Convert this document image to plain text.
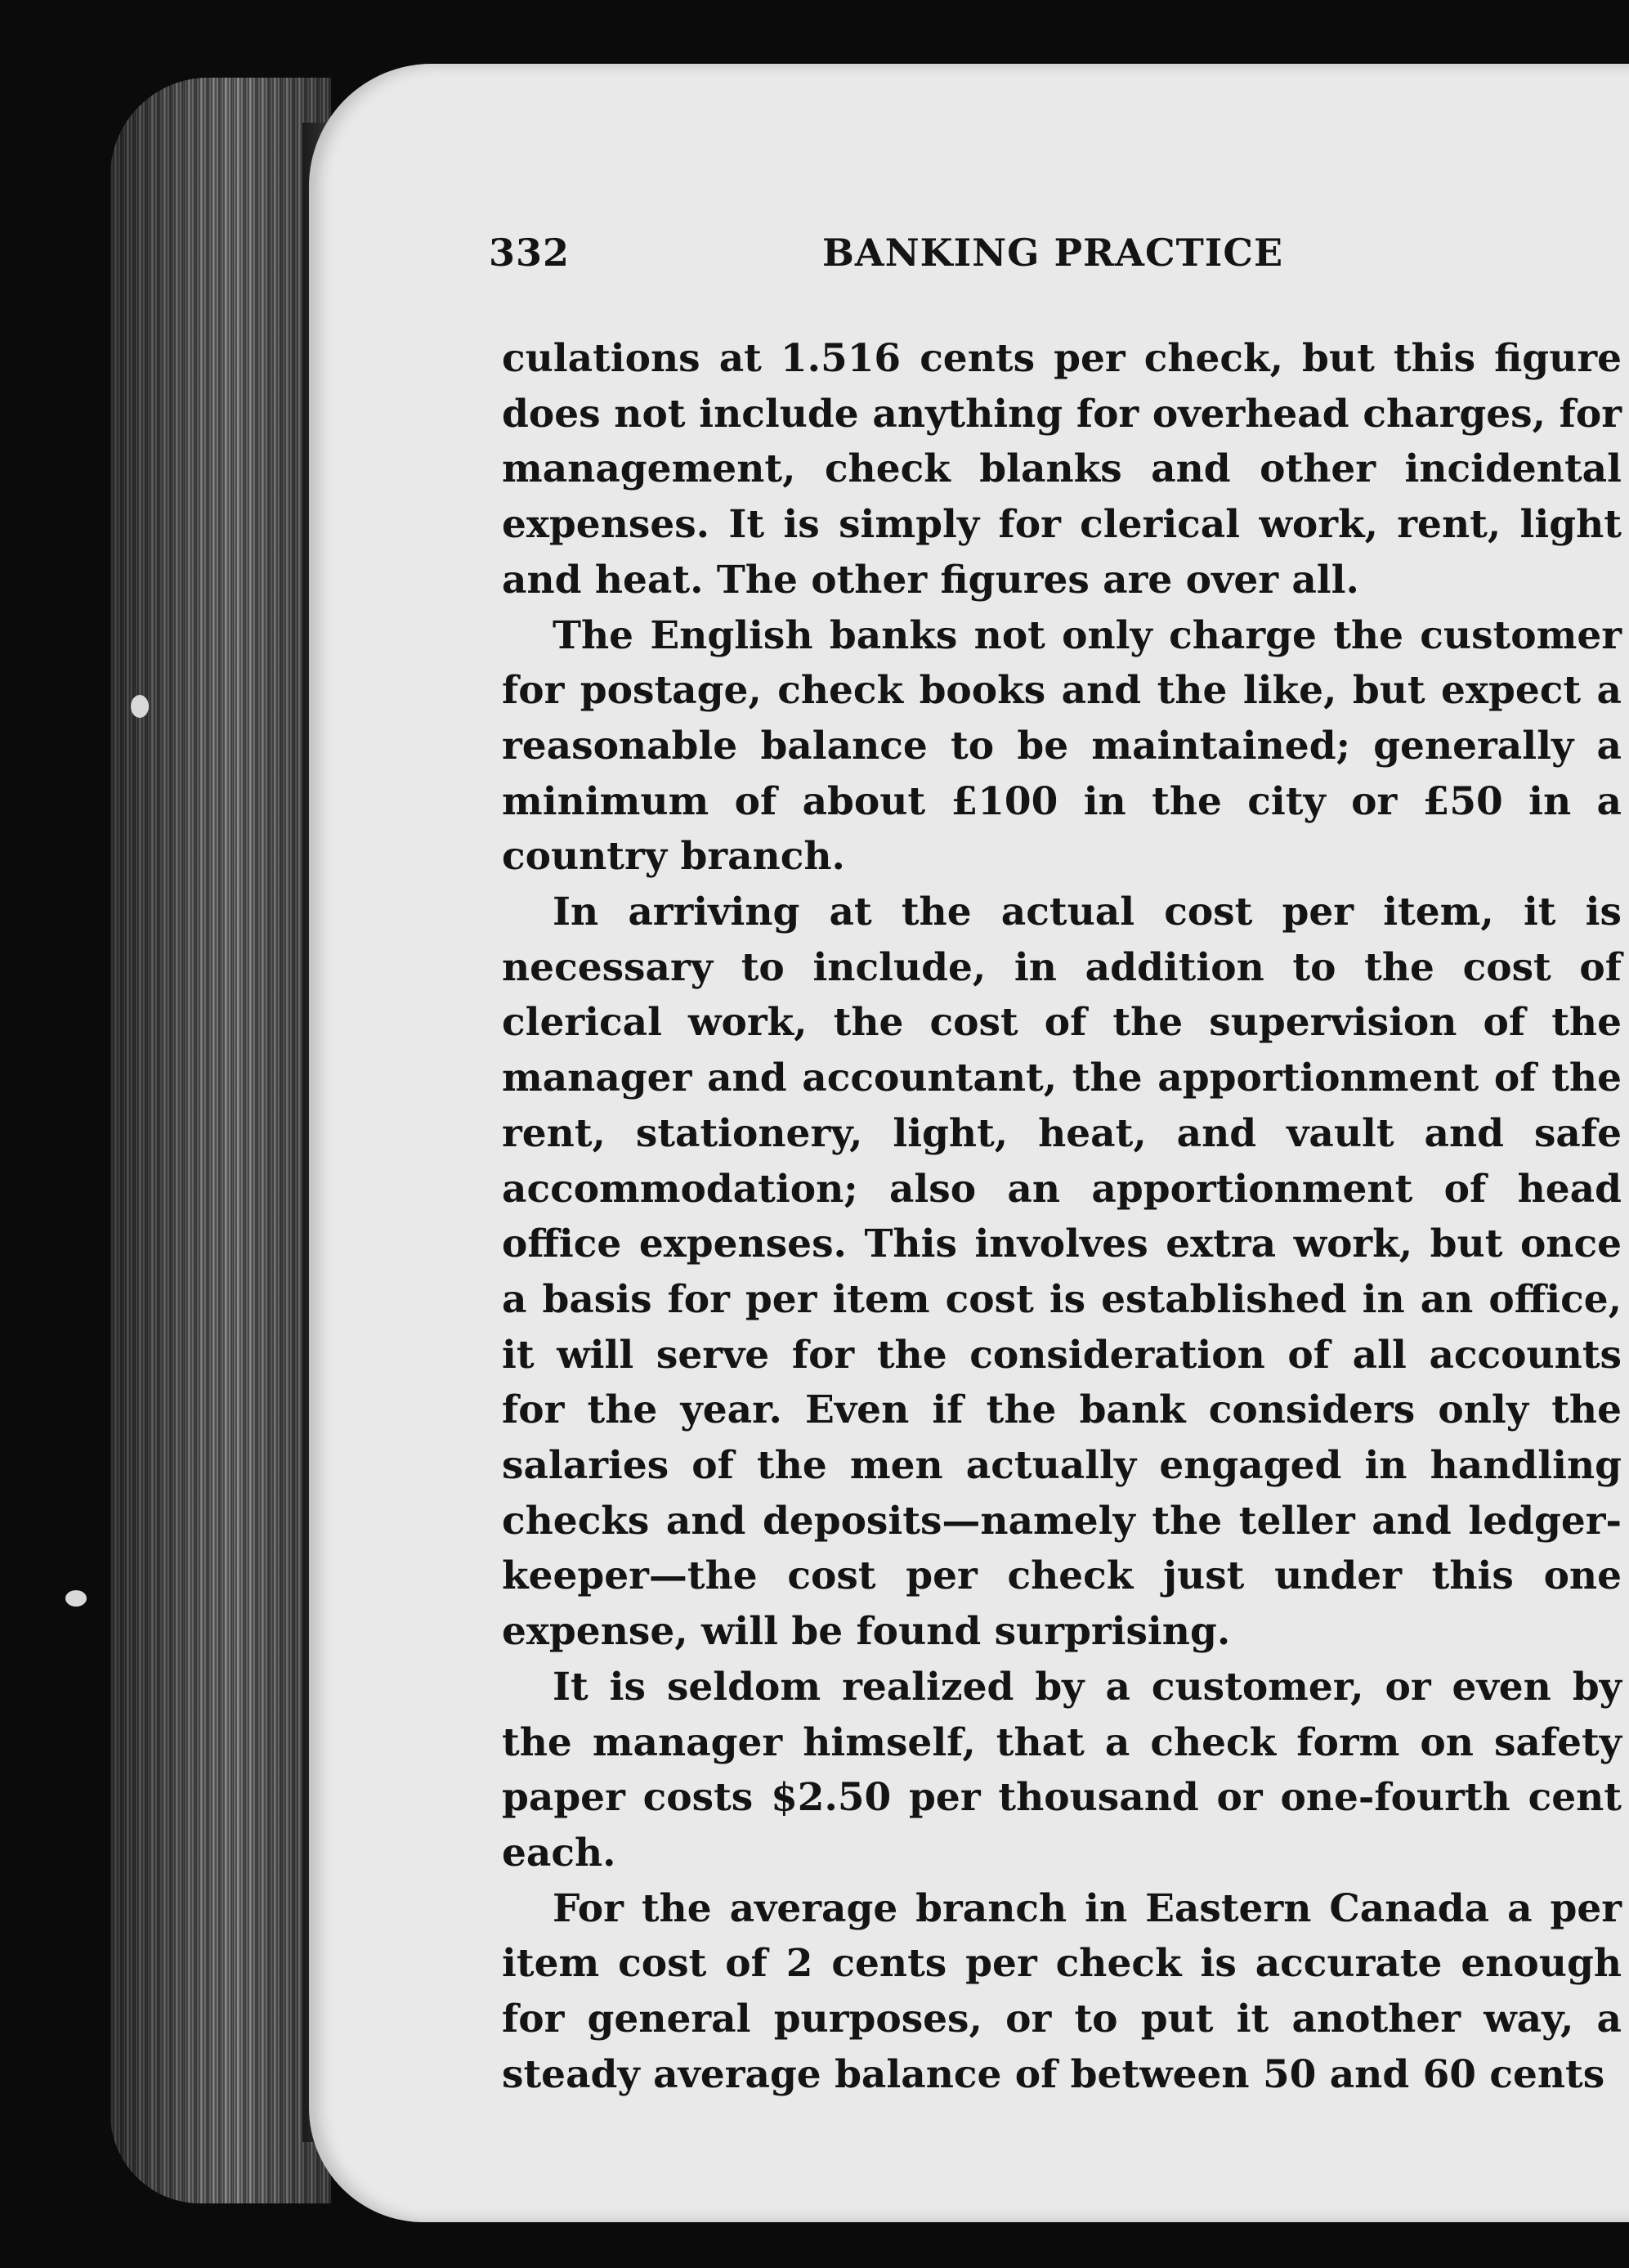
332	BANKING PRACTICE

culations at 1.516 cents per check, but this figure does not include anything for overhead charges, for management, check blanks and other incidental expenses. It is simply for clerical work, rent, light and heat. The other figures are over all.

The English banks not only charge the customer for postage, check books and the like, but expect a reasonable balance to be maintained; generally a minimum of about £100 in the city or £50 in a country branch.

In arriving at the actual cost per item, it is necessary to include, in addition to the cost of clerical work, the cost of the supervision of the manager and accountant, the apportionment of the rent, stationery, light, heat, and vault and safe accommodation; also an apportionment of head office expenses. This involves extra work, but once a basis for per item cost is established in an office, it will serve for the consideration of all accounts for the year. Even if the bank considers only the salaries of the men actually engaged in handling checks and deposits—namely the teller and ledger-keeper—the cost per check just under this one expense, will be found surprising.

It is seldom realized by a customer, or even by the manager himself, that a check form on safety paper costs $2.50 per thousand or one-fourth cent each.

For the average branch in Eastern Canada a per item cost of 2 cents per check is accurate enough for general purposes, or to put it another way, a steady average balance of between 50 and 60 cents
